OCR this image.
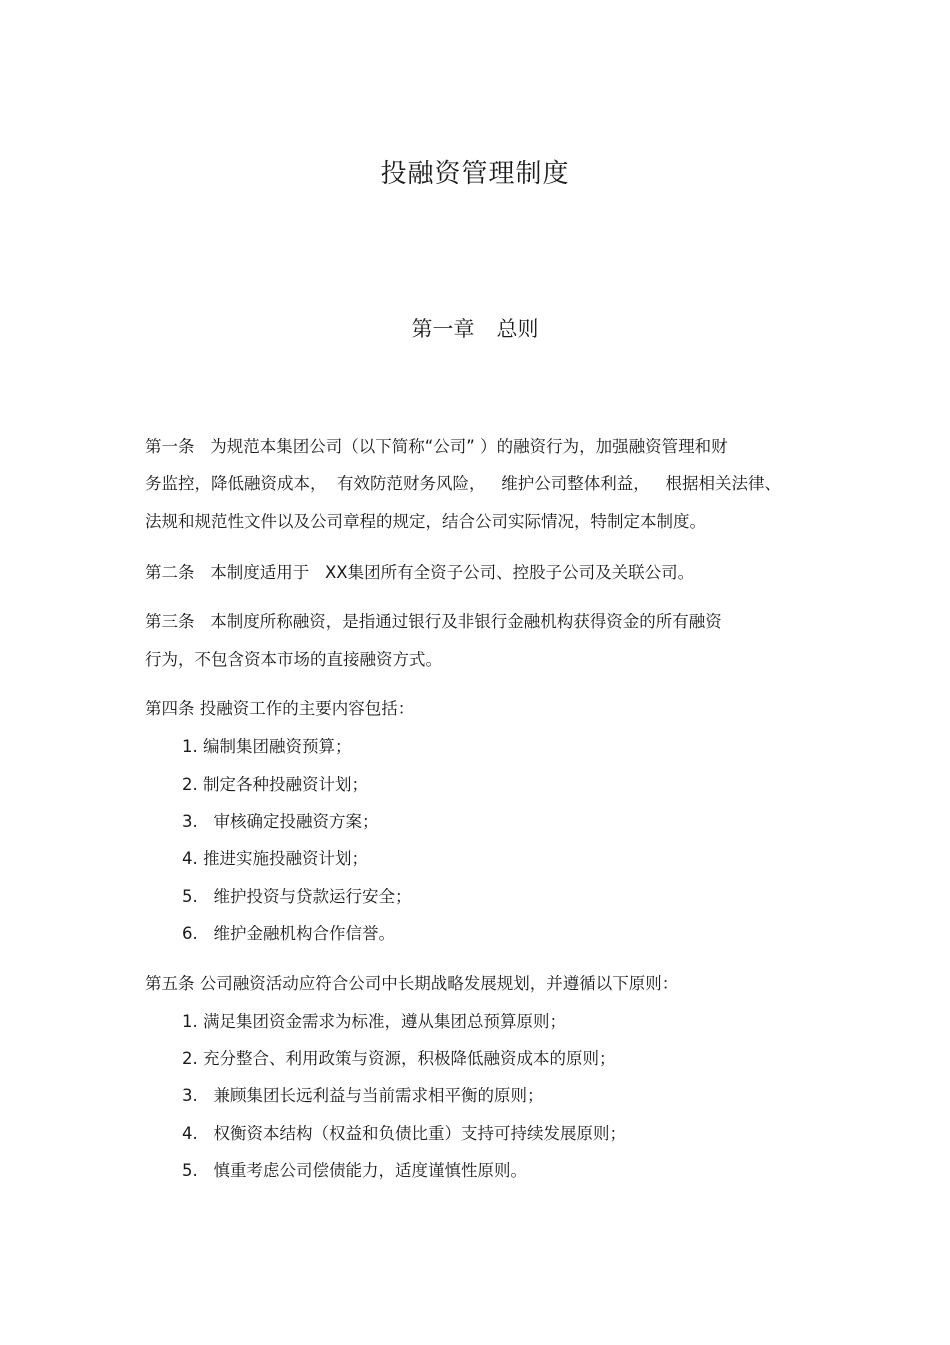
投融资管理制度
第一章 总则

第一条   为规范本集团公司（以下简称“公司” ）的融资行为，加强融资管理和财

务监控，降低融资成本，  有效防范财务风险，   维护公司整体利益，   根据相关法律、

法规和规范性文件以及公司章程的规定，结合公司实际情况，特制定本制度。

第二条   本制度适用于   XX集团所有全资子公司、控股子公司及关联公司。

第三条   本制度所称融资，是指通过银行及非银行金融机构获得资金的所有融资

行为，不包含资本市场的直接融资方式。

第四条 投融资工作的主要内容包括：

1. 编制集团融资预算；

2. 制定各种投融资计划；

3.   审核确定投融资方案；

4. 推进实施投融资计划；

5.   维护投资与贷款运行安全；

6.   维护金融机构合作信誉。

第五条 公司融资活动应符合公司中长期战略发展规划，并遵循以下原则：

1. 满足集团资金需求为标准，遵从集团总预算原则；

2. 充分整合、利用政策与资源，积极降低融资成本的原则；

3.   兼顾集团长远利益与当前需求相平衡的原则；

4.   权衡资本结构（权益和负债比重）支持可持续发展原则；

5.   慎重考虑公司偿债能力，适度谨慎性原则。
